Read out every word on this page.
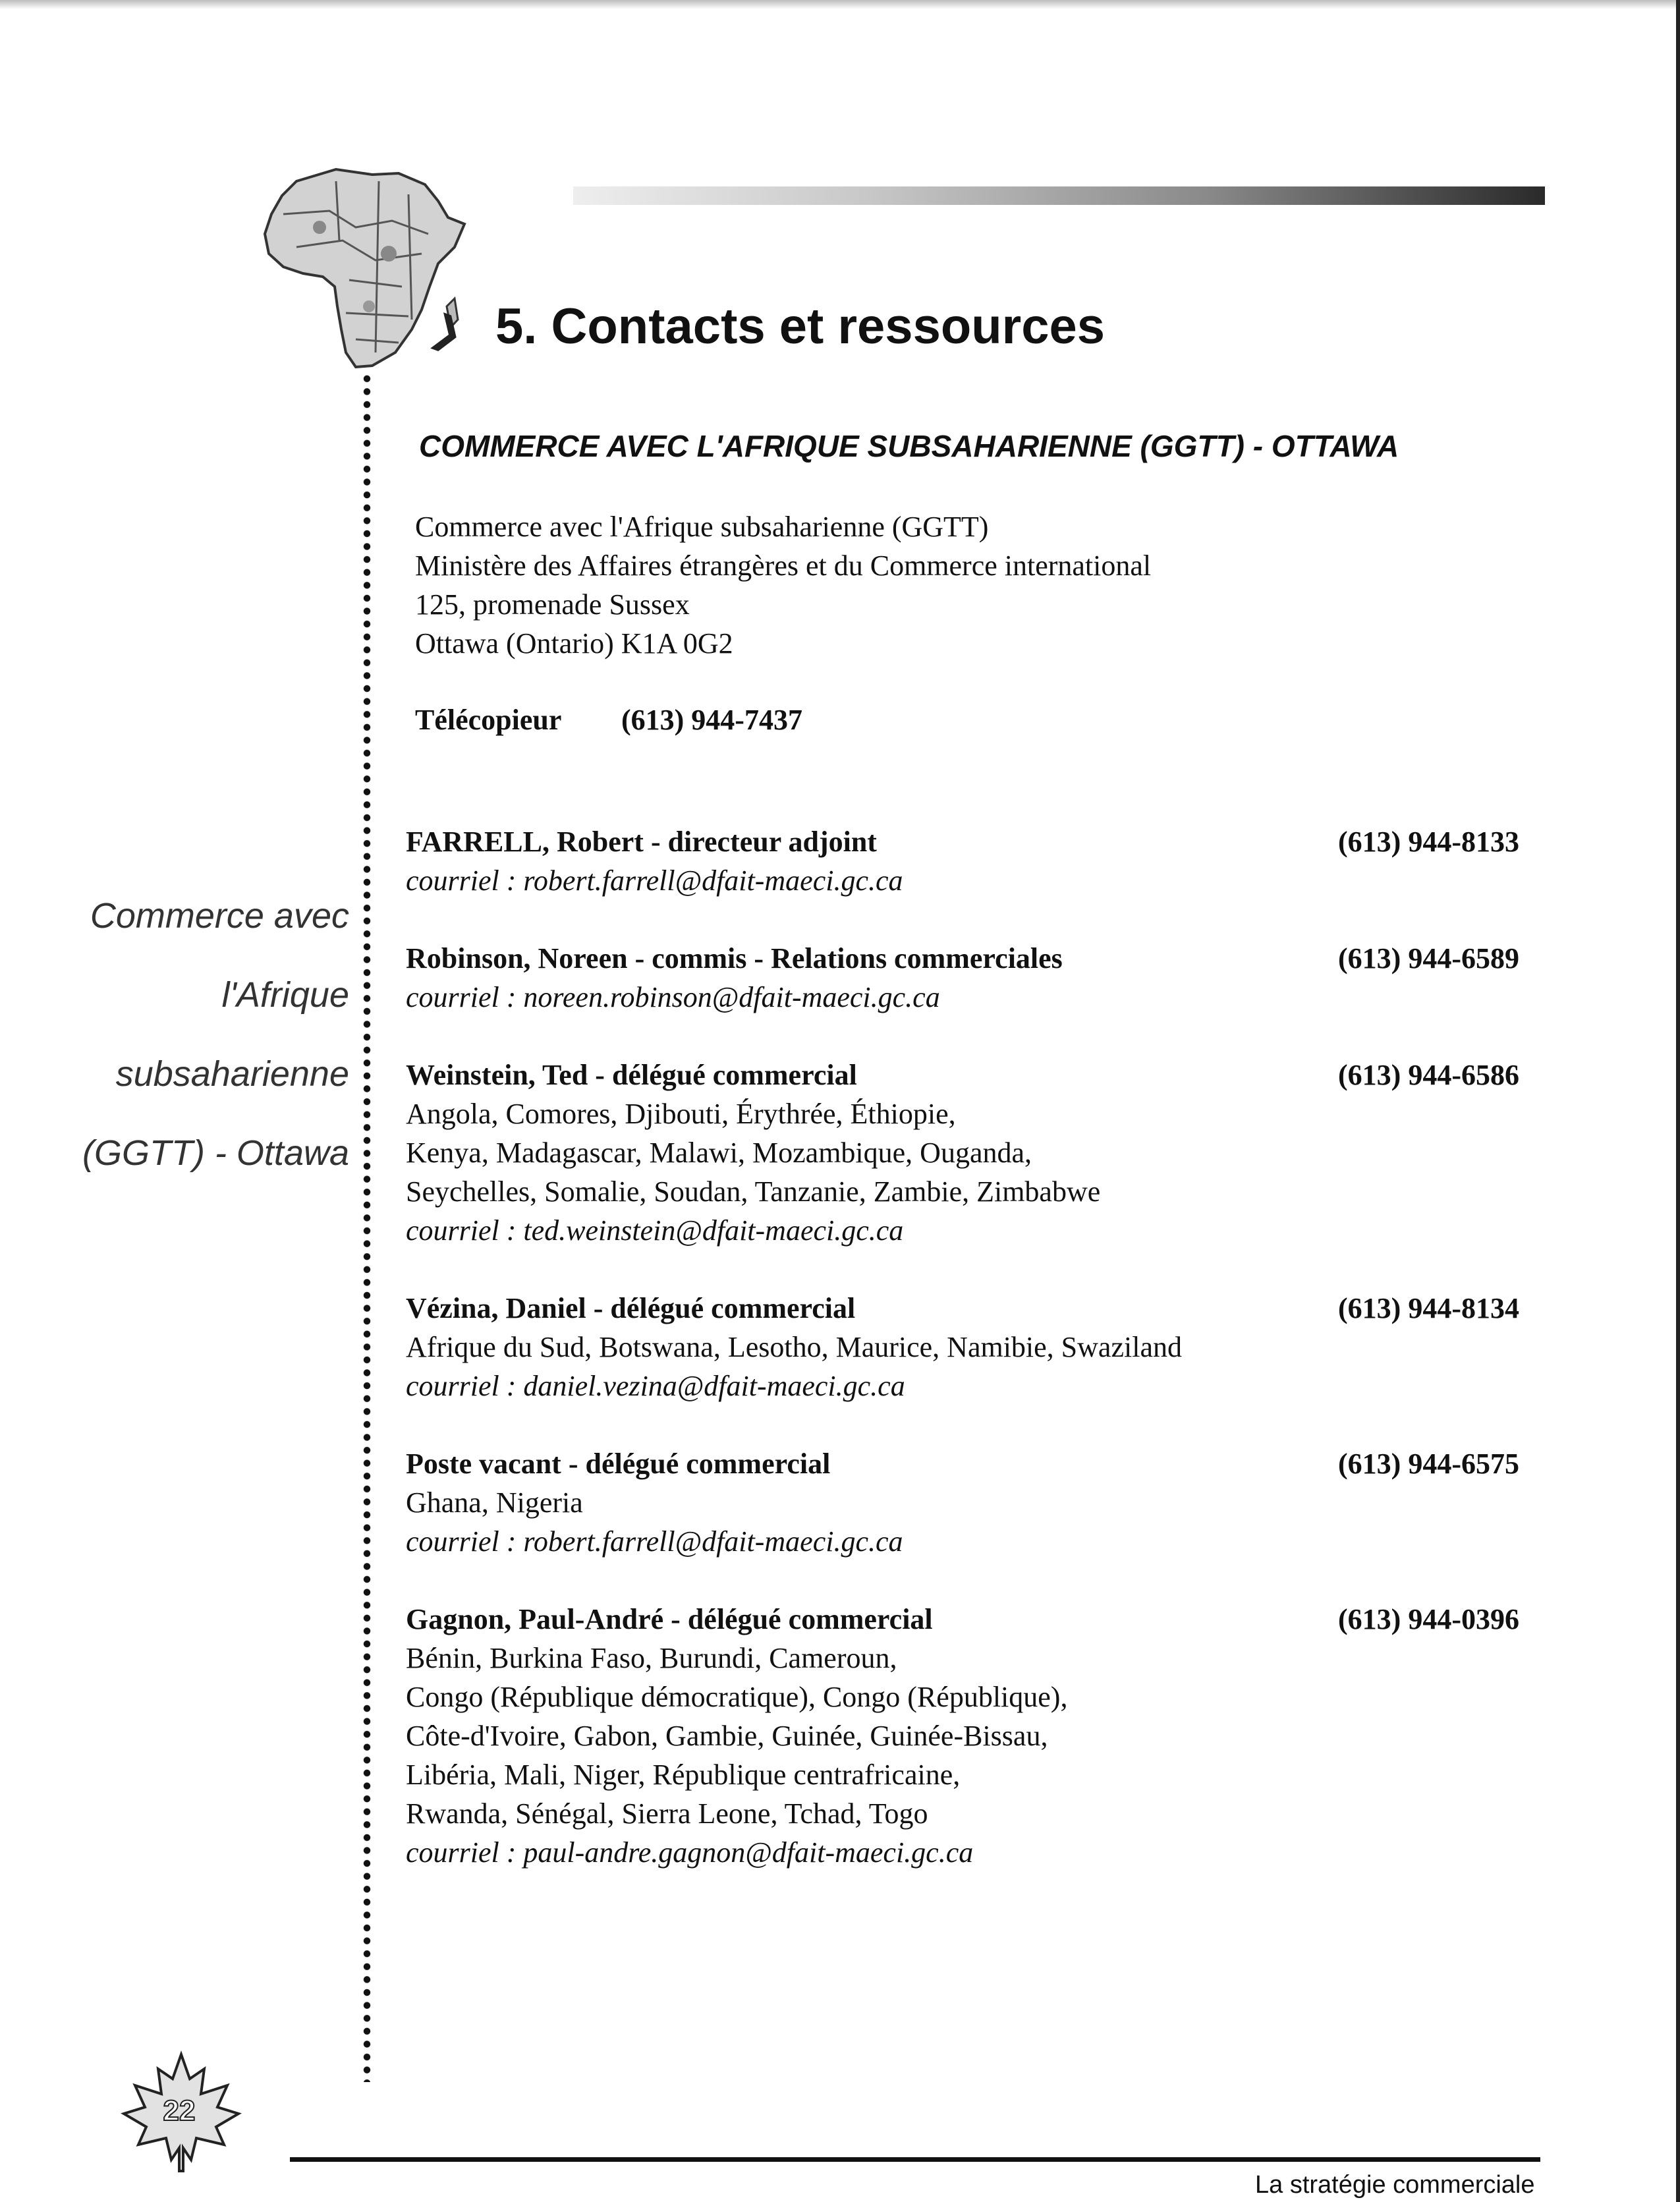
❯ 5. Contacts et ressources
Commerce avec
l'Afrique
subsaharienne
(GGTT) - Ottawa
COMMERCE AVEC L'AFRIQUE SUBSAHARIENNE (GGTT) - OTTAWA
Commerce avec l'Afrique subsaharienne (GGTT)
Ministère des Affaires étrangères et du Commerce international
125, promenade Sussex
Ottawa (Ontario) K1A 0G2
Télécopieur (613) 944-7437
FARRELL, Robert - directeur adjoint	(613) 944-8133
courriel : robert.farrell@dfait-maeci.gc.ca
Robinson, Noreen - commis - Relations commerciales	(613) 944-6589
courriel : noreen.robinson@dfait-maeci.gc.ca
Weinstein, Ted - délégué commercial	(613) 944-6586
Angola, Comores, Djibouti, Érythrée, Éthiopie,
Kenya, Madagascar, Malawi, Mozambique, Ouganda,
Seychelles, Somalie, Soudan, Tanzanie, Zambie, Zimbabwe
courriel : ted.weinstein@dfait-maeci.gc.ca
Vézina, Daniel - délégué commercial	(613) 944-8134
Afrique du Sud, Botswana, Lesotho, Maurice, Namibie, Swaziland
courriel : daniel.vezina@dfait-maeci.gc.ca
Poste vacant - délégué commercial	(613) 944-6575
Ghana, Nigeria
courriel : robert.farrell@dfait-maeci.gc.ca
Gagnon, Paul-André - délégué commercial	(613) 944-0396
Bénin, Burkina Faso, Burundi, Cameroun,
Congo (République démocratique), Congo (République),
Côte-d'Ivoire, Gabon, Gambie, Guinée, Guinée-Bissau,
Libéria, Mali, Niger, République centrafricaine,
Rwanda, Sénégal, Sierra Leone, Tchad, Togo
courriel : paul-andre.gagnon@dfait-maeci.gc.ca
22
La stratégie commerciale
